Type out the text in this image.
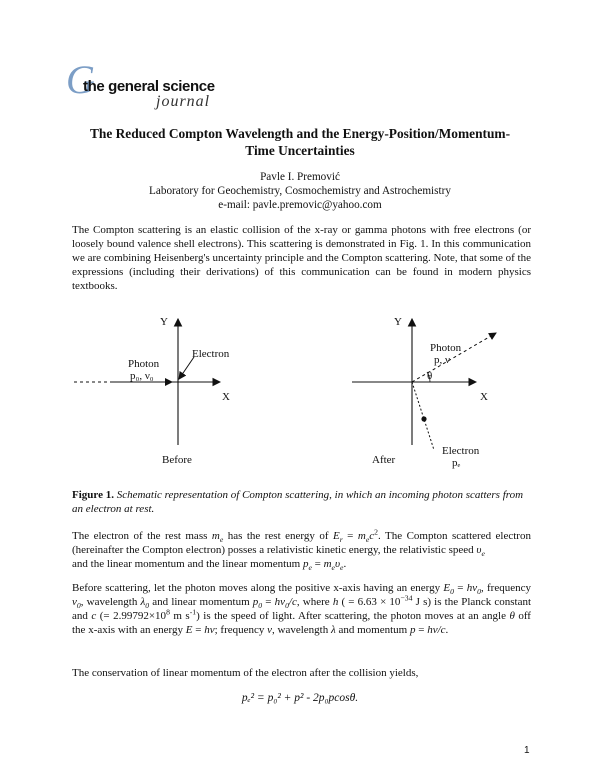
G
the general science
journal
The Reduced Compton Wavelength and the Energy-Position/Momentum-
Time Uncertainties
Pavle I. Premović
Laboratory for Geochemistry, Cosmochemistry and Astrochemistry
e-mail: pavle.premovic@yahoo.com
The Compton scattering is an elastic collision of the x-ray or gamma photons with free electrons (or loosely bound valence shell electrons). This scattering is demonstrated in Fig. 1. In this communication we are combining Heisenberg's uncertainty principle and the Compton scattering. Note, that some of the expressions (including their derivations) of this communication can be found in modern physics textbooks.
Y
X
Photon
p₀, ν₀
Electron
Before
Y
X
Photon
p, ν
θ
Electron
pₑ
After
Figure 1. Schematic representation of Compton scattering, in which an incoming photon scatters from an electron at rest.
The electron of the rest mass $m_e$ has the rest energy of $E_r = m_ec^2$. The Compton scattered electron (hereinafter the Compton electron) posses a relativistic kinetic energy, the relativistic speed $\upsilon_e$
and the linear momentum and the linear momentum $p_e = m_e\upsilon_e$.
Before scattering, let the photon moves along the positive x-axis having an energy $E_0 = h\nu_0$, frequency $\nu_0$, wavelength $\lambda_0$ and linear momentum $p_0 = h\nu_0/c$, where h ( = $6.63 \times 10^{-34}$ J s) is the Planck constant and c (= $2.99792\times 10^8$ m $s^{-1}$) is the speed of light. After scattering, the photon moves at an angle θ off the x-axis with an energy E = hν; frequency ν, wavelength λ and momentum p = hν/c.
The conservation of linear momentum of the electron after the collision yields,
pₑ² = p₀² + p² - 2p₀pcosθ.
1
